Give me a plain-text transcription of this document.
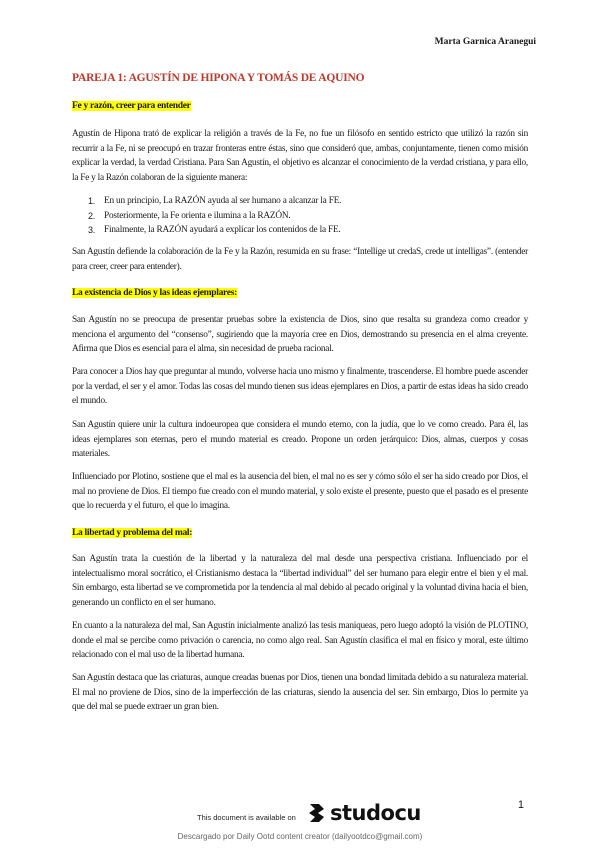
Marta Garnica Aranegui
PAREJA 1: AGUSTÍN DE HIPONA Y TOMÁS DE AQUINO
Fe y razón, creer para entender

Agustín de Hipona trató de explicar la religión a través de la Fe, no fue un filósofo en sentido estricto que utilizó la razón sin recurrir a la Fe, ni se preocupó en trazar fronteras entre éstas, sino que consideró que, ambas, conjuntamente, tienen como misión explicar la verdad, la verdad Cristiana. Para San Agustín, el objetivo es alcanzar el conocimiento de la verdad cristiana, y para ello, la Fe y la Razón colaboran de la siguiente manera:

1. En un principio, La RAZÓN ayuda al ser humano a alcanzar la FE.
2. Posteriormente, la Fe orienta e ilumina a la RAZÓN.
3. Finalmente, la RAZÓN ayudará a explicar los contenidos de la FE.

San Agustín defiende la colaboración de la Fe y la Razón, resumida en su frase: “Intellige ut credaS, crede ut intelligas”. (entender para creer, creer para entender).

La existencia de Dios y las ideas ejemplares:

San Agustín no se preocupa de presentar pruebas sobre la existencia de Dios, sino que resalta su grandeza como creador y menciona el argumento del “consenso”, sugiriendo que la mayoría cree en Dios, demostrando su presencia en el alma creyente. Afirma que Dios es esencial para el alma, sin necesidad de prueba racional.

Para conocer a Dios hay que preguntar al mundo, volverse hacia uno mismo y finalmente, trascenderse. El hombre puede ascender por la verdad, el ser y el amor. Todas las cosas del mundo tienen sus ideas ejemplares en Dios, a partir de estas ideas ha sido creado el mundo.

San Agustín quiere unir la cultura indoeuropea que considera el mundo eterno, con la judía, que lo ve como creado. Para él, las ideas ejemplares son eternas, pero el mundo material es creado. Propone un orden jerárquico: Dios, almas, cuerpos y cosas materiales.

Influenciado por Plotino, sostiene que el mal es la ausencia del bien, el mal no es ser y cómo sólo el ser ha sido creado por Dios, el mal no proviene de Dios. El tiempo fue creado con el mundo material, y solo existe el presente, puesto que el pasado es el presente que lo recuerda y el futuro, el que lo imagina.

La libertad y problema del mal:

San Agustín trata la cuestión de la libertad y la naturaleza del mal desde una perspectiva cristiana. Influenciado por el intelectualismo moral socrático, el Cristianismo destaca la “libertad individual” del ser humano para elegir entre el bien y el mal. Sin embargo, esta libertad se ve comprometida por la tendencia al mal debido al pecado original y la voluntad divina hacia el bien, generando un conflicto en el ser humano.

En cuanto a la naturaleza del mal, San Agustín inicialmente analizó las tesis maniqueas, pero luego adoptó la visión de PLOTINO, donde el mal se percibe como privación o carencia, no como algo real. San Agustín clasifica el mal en físico y moral, este último relacionado con el mal uso de la libertad humana.

San Agustín destaca que las criaturas, aunque creadas buenas por Dios, tienen una bondad limitada debido a su naturaleza material. El mal no proviene de Dios, sino de la imperfección de las criaturas, siendo la ausencia del ser. Sin embargo, Dios lo permite ya que del mal se puede extraer un gran bien.

1
This document is available on studocu
Descargado por Daily Ootd content creator (dailyootdco@gmail.com)
